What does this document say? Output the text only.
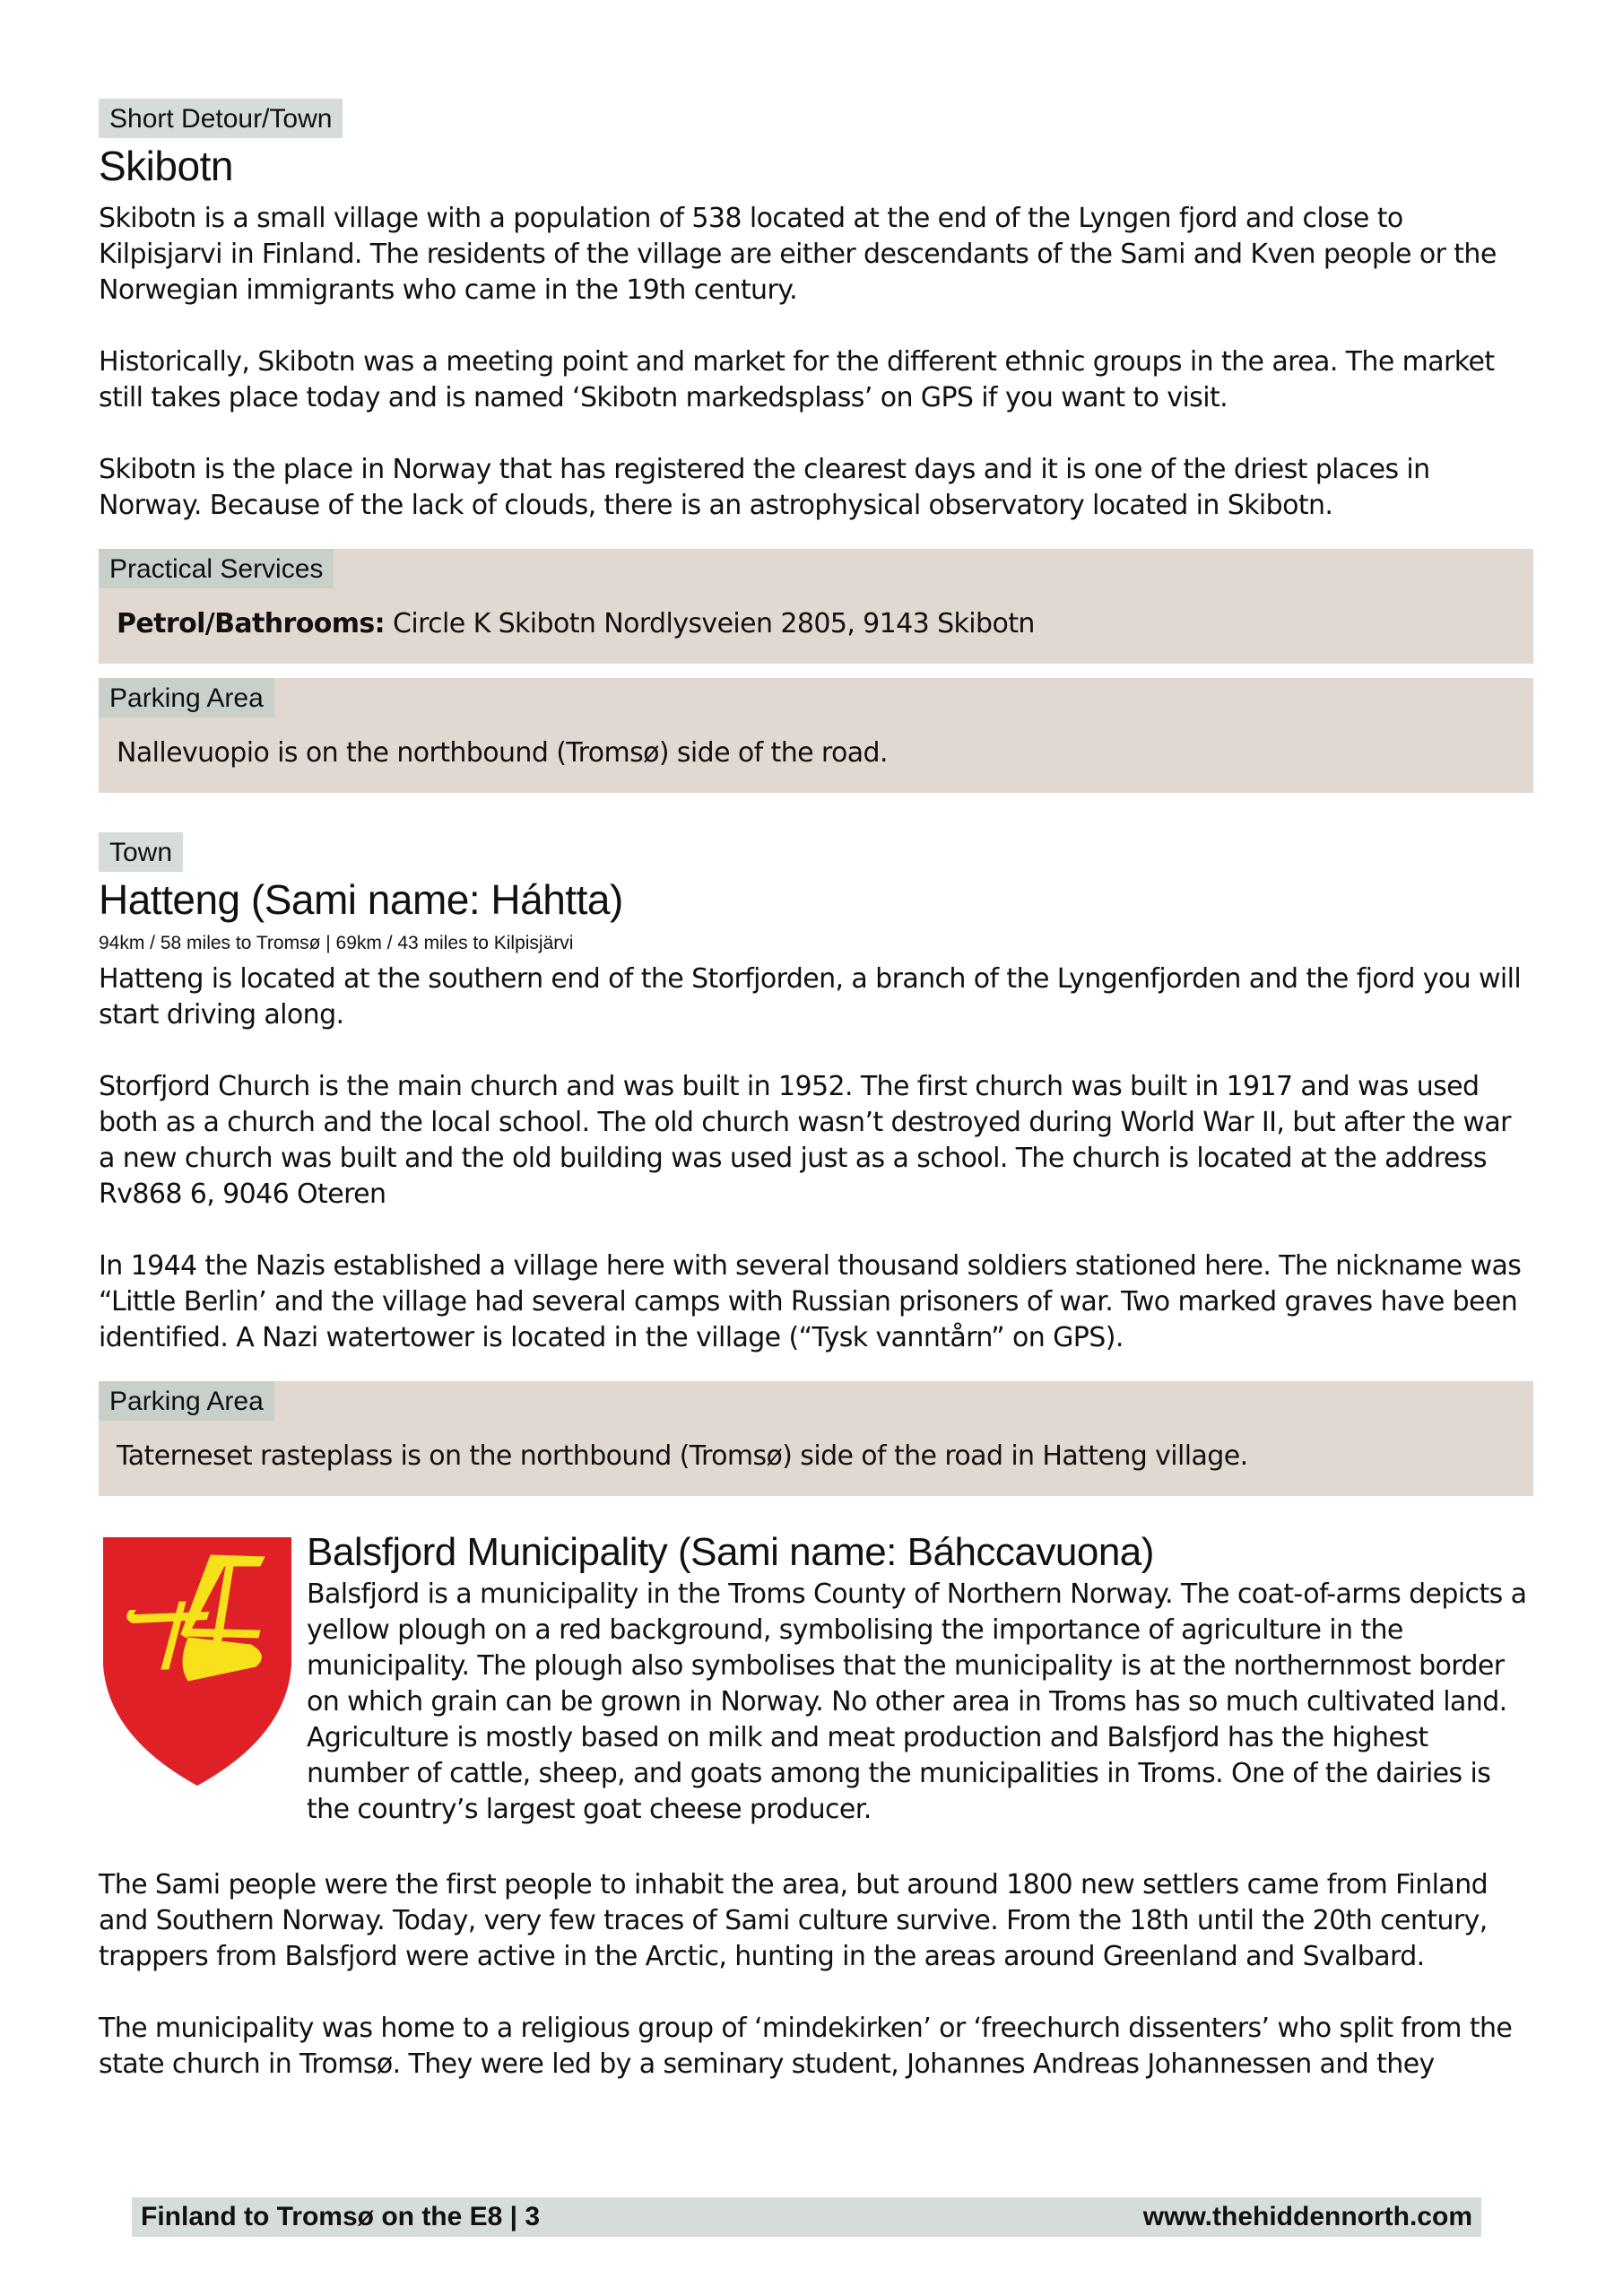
Short Detour/Town
Skibotn

Skibotn is a small village with a population of 538 located at the end of the Lyngen fjord and close to Kilpisjarvi in Finland. The residents of the village are either descendants of the Sami and Kven people or the Norwegian immigrants who came in the 19th century.

Historically, Skibotn was a meeting point and market for the different ethnic groups in the area. The market still takes place today and is named ‘Skibotn markedsplass’ on GPS if you want to visit.

Skibotn is the place in Norway that has registered the clearest days and it is one of the driest places in Norway. Because of the lack of clouds, there is an astrophysical observatory located in Skibotn.

Practical Services
Petrol/Bathrooms: Circle K Skibotn Nordlysveien 2805, 9143 Skibotn
Parking Area
Nallevuopio is on the northbound (Tromsø) side of the road.
Town
Hatteng (Sami name: Háhtta)
94km / 58 miles to Tromsø | 69km / 43 miles to Kilpisjärvi

Hatteng is located at the southern end of the Storfjorden, a branch of the Lyngenfjorden and the fjord you will start driving along.

Storfjord Church is the main church and was built in 1952. The first church was built in 1917 and was used both as a church and the local school. The old church wasn’t destroyed during World War II, but after the war a new church was built and the old building was used just as a school. The church is located at the address Rv868 6, 9046 Oteren

In 1944 the Nazis established a village here with several thousand soldiers stationed here. The nickname was “Little Berlin’ and the village had several camps with Russian prisoners of war. Two marked graves have been identified. A Nazi watertower is located in the village (“Tysk vanntårn” on GPS).

Parking Area
Taterneset rasteplass is on the northbound (Tromsø) side of the road in Hatteng village.
Balsfjord Municipality (Sami name: Báhccavuona)

Balsfjord is a municipality in the Troms County of Northern Norway. The coat-of-arms depicts a yellow plough on a red background, symbolising the importance of agriculture in the municipality. The plough also symbolises that the municipality is at the northernmost border on which grain can be grown in Norway. No other area in Troms has so much cultivated land. Agriculture is mostly based on milk and meat production and Balsfjord has the highest number of cattle, sheep, and goats among the municipalities in Troms. One of the dairies is the country’s largest goat cheese producer.

The Sami people were the first people to inhabit the area, but around 1800 new settlers came from Finland and Southern Norway. Today, very few traces of Sami culture survive. From the 18th until the 20th century, trappers from Balsfjord were active in the Arctic, hunting in the areas around Greenland and Svalbard.

The municipality was home to a religious group of ‘mindekirken’ or ‘freechurch dissenters’ who split from the state church in Tromsø. They were led by a seminary student, Johannes Andreas Johannessen and they

Finland to Tromsø on the E8 | 3	www.thehiddennorth.com
